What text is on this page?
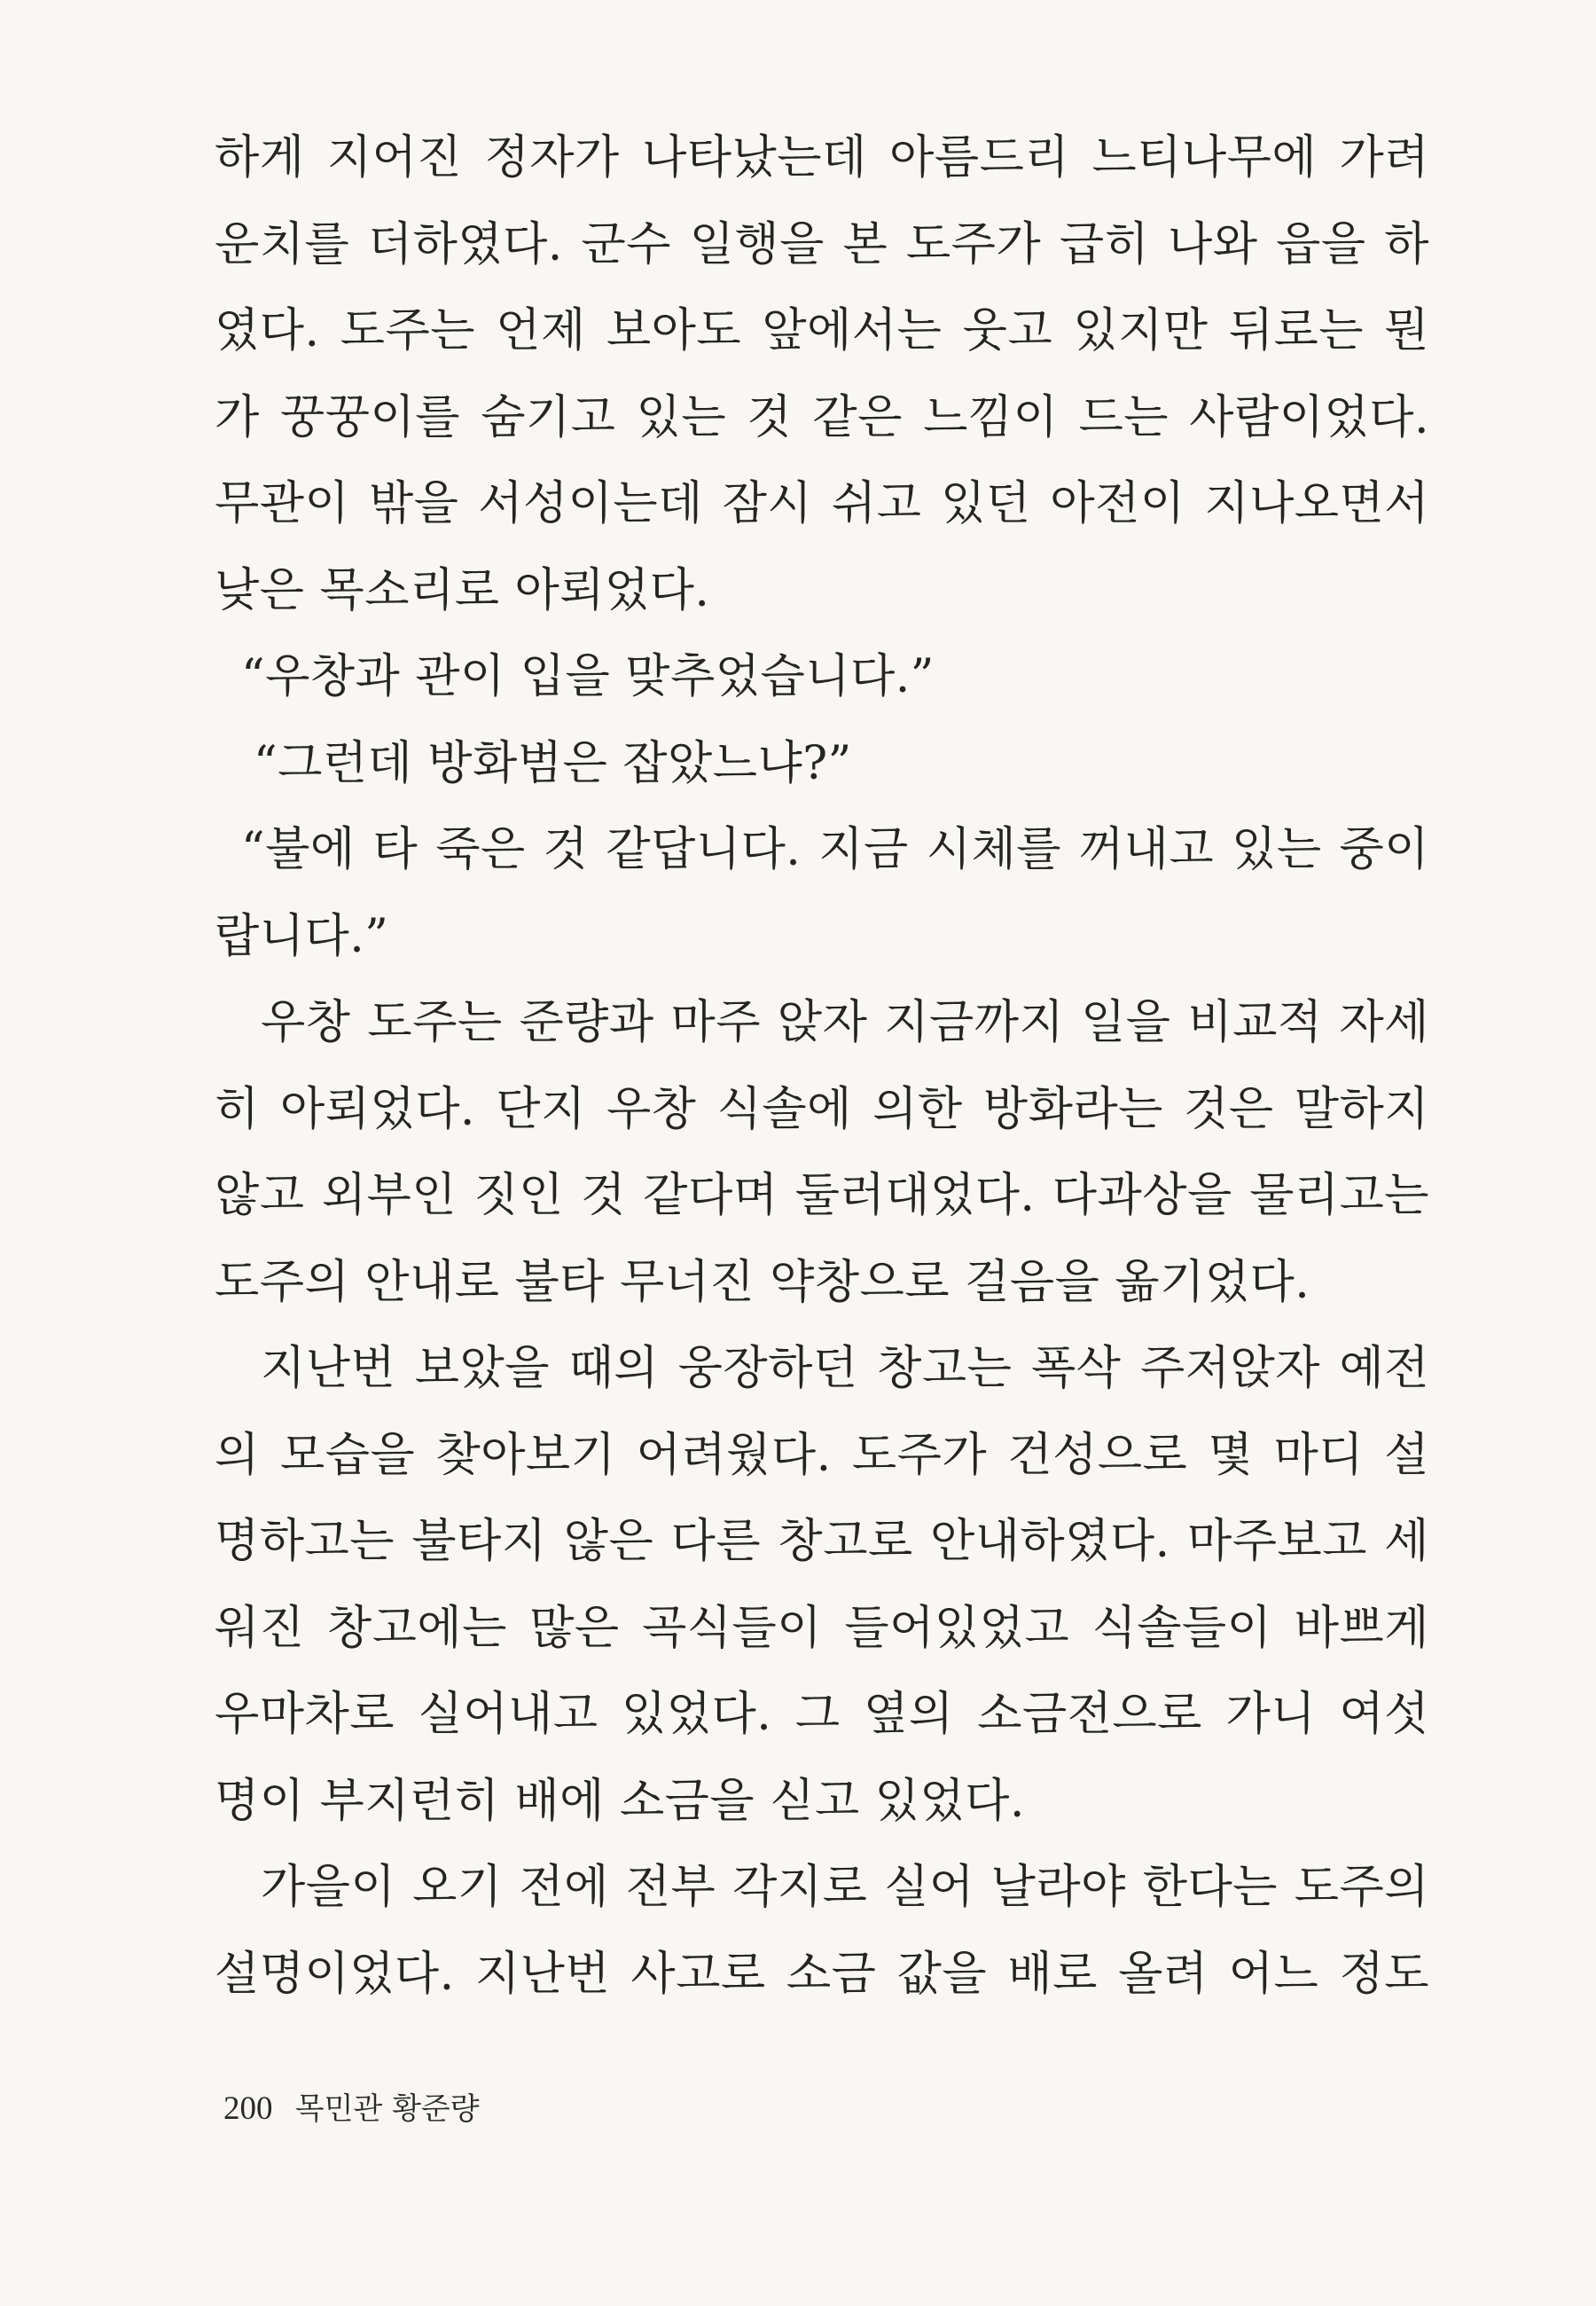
하게 지어진 정자가 나타났는데 아름드리 느티나무에 가려
운치를 더하였다. 군수 일행을 본 도주가 급히 나와 읍을 하
였다. 도주는 언제 보아도 앞에서는 웃고 있지만 뒤로는 뭔
가 꿍꿍이를 숨기고 있는 것 같은 느낌이 드는 사람이었다.
무관이 밖을 서성이는데 잠시 쉬고 있던 아전이 지나오면서
낮은 목소리로 아뢰었다.
“우창과 관이 입을 맞추었습니다.”
“그런데 방화범은 잡았느냐?”
“불에 타 죽은 것 같답니다. 지금 시체를 꺼내고 있는 중이
랍니다.”
우창 도주는 준량과 마주 앉자 지금까지 일을 비교적 자세
히 아뢰었다. 단지 우창 식솔에 의한 방화라는 것은 말하지
않고 외부인 짓인 것 같다며 둘러대었다. 다과상을 물리고는
도주의 안내로 불타 무너진 약창으로 걸음을 옮기었다.
지난번 보았을 때의 웅장하던 창고는 폭삭 주저앉자 예전
의 모습을 찾아보기 어려웠다. 도주가 건성으로 몇 마디 설
명하고는 불타지 않은 다른 창고로 안내하였다. 마주보고 세
워진 창고에는 많은 곡식들이 들어있었고 식솔들이 바쁘게
우마차로 실어내고 있었다. 그 옆의 소금전으로 가니 여섯
명이 부지런히 배에 소금을 싣고 있었다.
가을이 오기 전에 전부 각지로 실어 날라야 한다는 도주의
설명이었다. 지난번 사고로 소금 값을 배로 올려 어느 정도
200 목민관 황준량
